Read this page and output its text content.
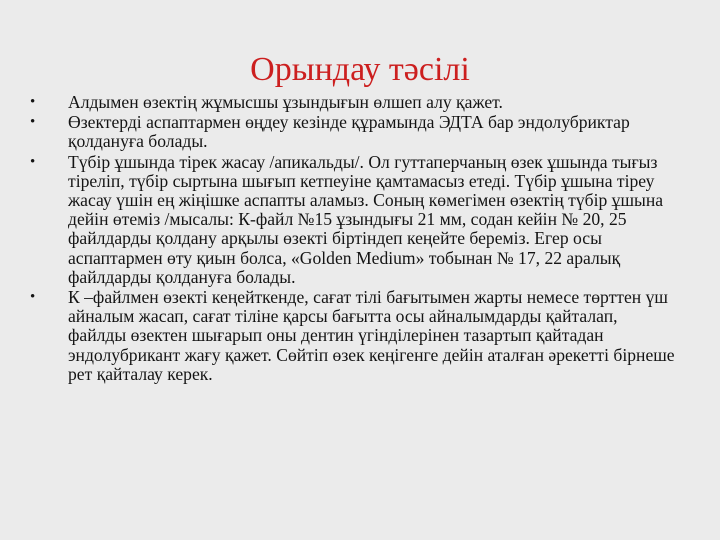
Орындау тәсілі
•	Алдымен өзектің жұмысшы ұзындығын өлшеп алу қажет.
•	Өзектерді аспаптармен өңдеу кезінде құрамында ЭДТА бар эндолубриктар қолдануға болады.
•	Түбір ұшында тірек жасау /апикальды/. Ол гуттаперчаның өзек ұшында тығыз тіреліп, түбір сыртына шығып кетпеуіне қамтамасыз етеді. Түбір ұшына тіреу жасау үшін ең жіңішке аспапты аламыз. Соның көмегімен өзектің түбір ұшына дейін өтеміз /мысалы: К-файл №15 ұзындығы 21 мм, содан кейін № 20, 25 файлдарды қолдану арқылы өзекті біртіндеп кеңейте береміз. Егер осы аспаптармен өту қиын болса, «Golden Medium» тобынан № 17, 22 аралық файлдарды қолдануға болады.
•	К –файлмен өзекті кеңейткенде, сағат тілі бағытымен жарты немесе төрттен үш айналым жасап, сағат тіліне қарсы бағытта осы айналымдарды қайталап, файлды өзектен шығарып оны дентин үгінділерінен тазартып қайтадан эндолубрикант жағу қажет. Сөйтіп өзек кеңігенге дейін аталған әрекетті бірнеше рет қайталау керек.
